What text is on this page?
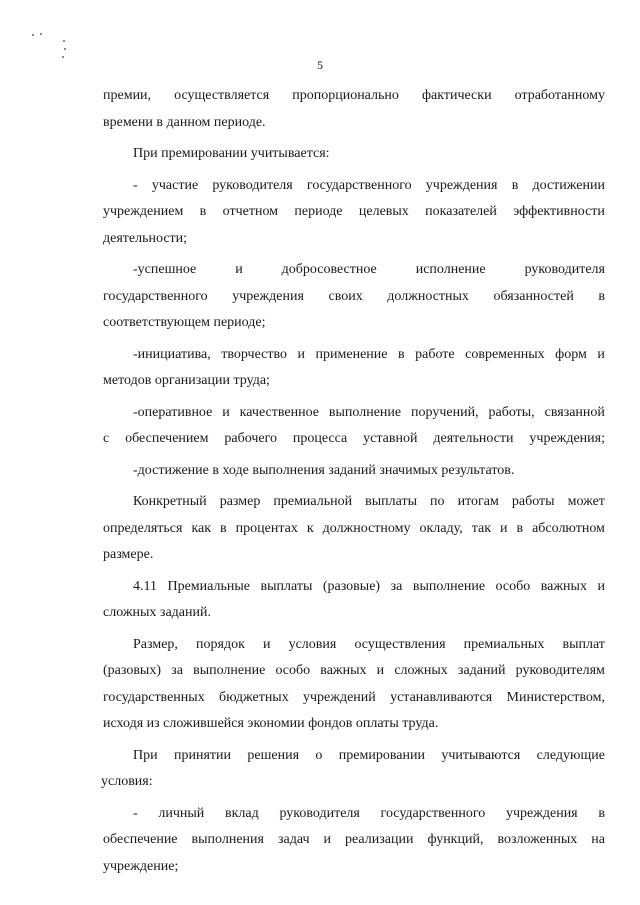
5
премии, осуществляется пропорционально фактически отработанному
времени в данном периоде.
При премировании учитывается:
- участие руководителя государственного учреждения в достижении
учреждением в отчетном периоде целевых показателей эффективности
деятельности;
-успешное	и	добросовестное	исполнение	руководителя
государственного учреждения своих должностных обязанностей в
соответствующем периоде;
-инициатива, творчество и применение в работе современных форм и
методов организации труда;
-оперативное и качественное выполнение поручений, работы, связанной
с обеспечением рабочего процесса уставной деятельности учреждения;
-достижение в ходе выполнения заданий значимых результатов.
Конкретный размер премиальной выплаты по итогам работы может
определяться как в процентах к должностному окладу, так и в абсолютном
размере.
4.11 Премиальные выплаты (разовые) за выполнение особо важных и
сложных заданий.
Размер, порядок и условия осуществления премиальных выплат
(разовых) за выполнение особо важных и сложных заданий руководителям
государственных бюджетных учреждений устанавливаются Министерством,
исходя из сложившейся экономии фондов оплаты труда.
При принятии решения о премировании учитываются следующие
условия:
- личный вклад руководителя государственного учреждения в
обеспечение выполнения задач и реализации функций, возложенных на
учреждение;
